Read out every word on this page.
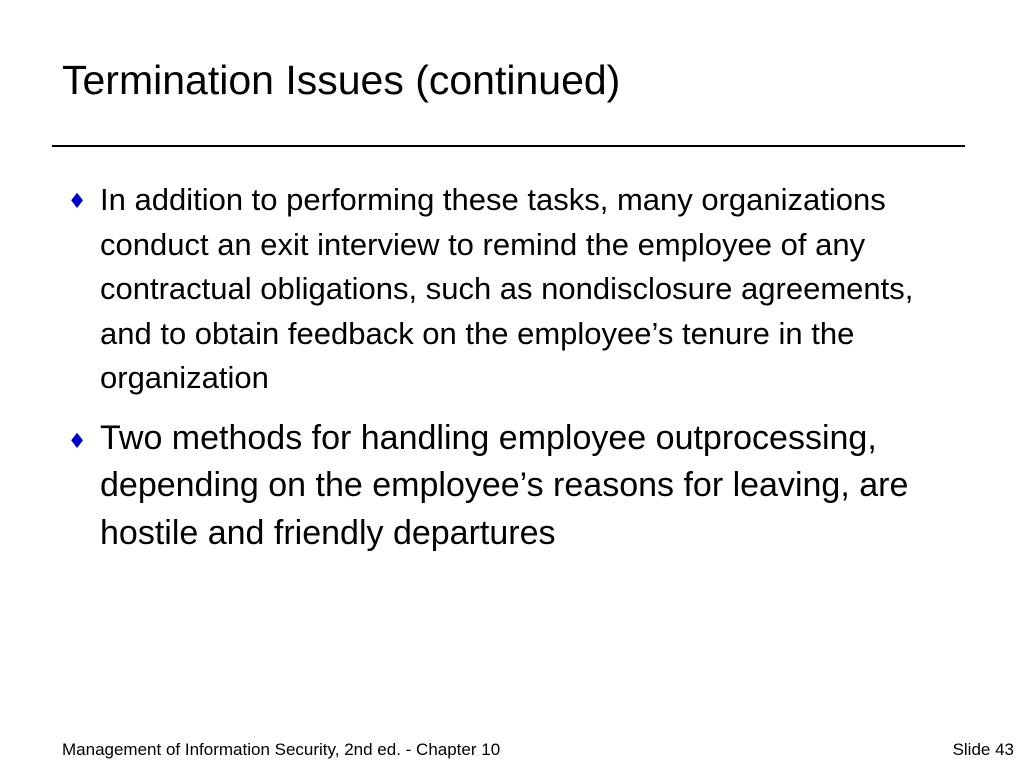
Termination Issues (continued)
♦ In addition to performing these tasks, many organizations conduct an exit interview to remind the employee of any contractual obligations, such as nondisclosure agreements, and to obtain feedback on the employee’s tenure in the organization
♦ Two methods for handling employee outprocessing, depending on the employee’s reasons for leaving, are hostile and friendly departures
Management of Information Security, 2nd ed. - Chapter 10	Slide 43
